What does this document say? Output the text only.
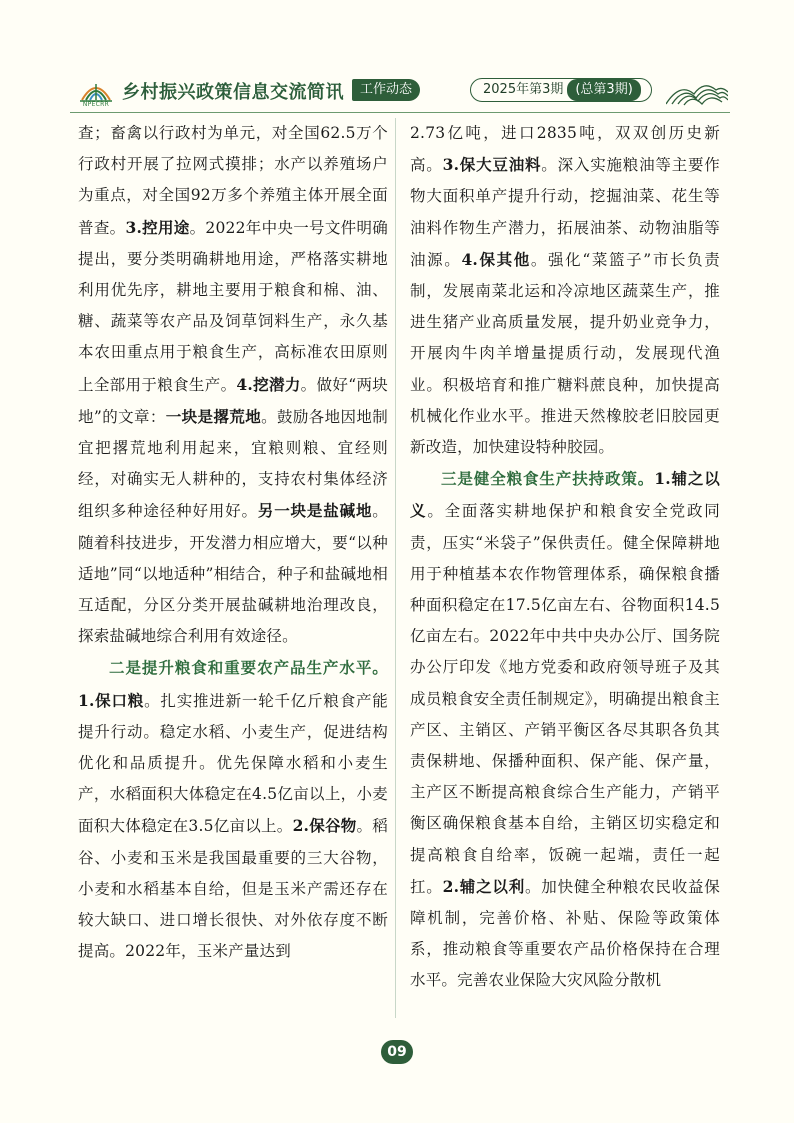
NPECRR
乡村振兴政策信息交流简讯	工作动态	2025年第3期 (总第3期)

查；畜禽以行政村为单元，对全国62.5万个行政村开展了拉网式摸排；水产以养殖场户为重点，对全国92万多个养殖主体开展全面普查。3.控用途。2022年中央一号文件明确提出，要分类明确耕地用途，严格落实耕地利用优先序，耕地主要用于粮食和棉、油、糖、蔬菜等农产品及饲草饲料生产，永久基本农田重点用于粮食生产，高标准农田原则上全部用于粮食生产。4.挖潜力。做好“两块地”的文章：一块是撂荒地。鼓励各地因地制宜把撂荒地利用起来，宜粮则粮、宜经则经，对确实无人耕种的，支持农村集体经济组织多种途径种好用好。另一块是盐碱地。随着科技进步，开发潜力相应增大，要“以种适地”同“以地适种”相结合，种子和盐碱地相互适配，分区分类开展盐碱耕地治理改良，探索盐碱地综合利用有效途径。

二是提升粮食和重要农产品生产水平。1.保口粮。扎实推进新一轮千亿斤粮食产能提升行动。稳定水稻、小麦生产，促进结构优化和品质提升。优先保障水稻和小麦生产，水稻面积大体稳定在4.5亿亩以上，小麦面积大体稳定在3.5亿亩以上。2.保谷物。稻谷、小麦和玉米是我国最重要的三大谷物，小麦和水稻基本自给，但是玉米产需还存在较大缺口、进口增长很快、对外依存度不断提高。2022年，玉米产量达到

2.73亿吨，进口2835吨，双双创历史新高。3.保大豆油料。深入实施粮油等主要作物大面积单产提升行动，挖掘油菜、花生等油料作物生产潜力，拓展油茶、动物油脂等油源。4.保其他。强化“菜篮子”市长负责制，发展南菜北运和冷凉地区蔬菜生产，推进生猪产业高质量发展，提升奶业竞争力，开展肉牛肉羊增量提质行动，发展现代渔业。积极培育和推广糖料蔗良种，加快提高机械化作业水平。推进天然橡胶老旧胶园更新改造，加快建设特种胶园。

三是健全粮食生产扶持政策。1.辅之以义。全面落实耕地保护和粮食安全党政同责，压实“米袋子”保供责任。健全保障耕地用于种植基本农作物管理体系，确保粮食播种面积稳定在17.5亿亩左右、谷物面积14.5亿亩左右。2022年中共中央办公厅、国务院办公厅印发《地方党委和政府领导班子及其成员粮食安全责任制规定》，明确提出粮食主产区、主销区、产销平衡区各尽其职各负其责保耕地、保播种面积、保产能、保产量，主产区不断提高粮食综合生产能力，产销平衡区确保粮食基本自给，主销区切实稳定和提高粮食自给率，饭碗一起端，责任一起扛。2.辅之以利。加快健全种粮农民收益保障机制，完善价格、补贴、保险等政策体系，推动粮食等重要农产品价格保持在合理水平。完善农业保险大灾风险分散机

09
